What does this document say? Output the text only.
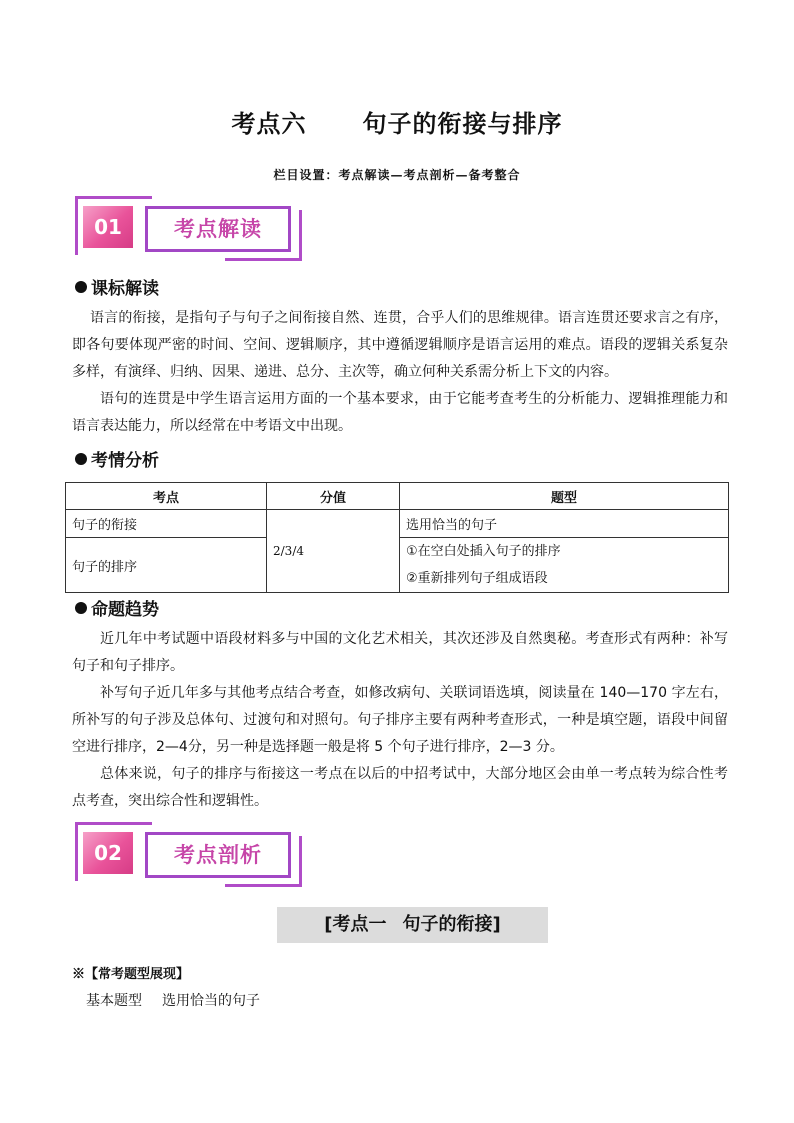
考点六 句子的衔接与排序
栏目设置：考点解读—考点剖析—备考整合
01	考点解读
课标解读

语言的衔接，是指句子与句子之间衔接自然、连贯，合乎人们的思维规律。语言连贯还要求言之有序，即各句要体现严密的时间、空间、逻辑顺序，其中遵循逻辑顺序是语言运用的难点。语段的逻辑关系复杂多样，有演绎、归纳、因果、递进、总分、主次等，确立何种关系需分析上下文的内容。

语句的连贯是中学生语言运用方面的一个基本要求，由于它能考查考生的分析能力、逻辑推理能力和语言表达能力，所以经常在中考语文中出现。

考情分析
考点	分值	题型
句子的衔接	2/3/4	选用恰当的句子
句子的排序		①在空白处插入句子的排序
②重新排列句子组成语段
命题趋势

近几年中考试题中语段材料多与中国的文化艺术相关，其次还涉及自然奥秘。考查形式有两种：补写句子和句子排序。

补写句子近几年多与其他考点结合考查，如修改病句、关联词语选填，阅读量在 140—170 字左右，所补写的句子涉及总体句、过渡句和对照句。句子排序主要有两种考查形式，一种是填空题，语段中间留空进行排序，2—4分，另一种是选择题一般是将 5 个句子进行排序，2—3 分。

总体来说，句子的排序与衔接这一考点在以后的中招考试中，大部分地区会由单一考点转为综合性考点考查，突出综合性和逻辑性。

02	考点剖析
[考点一 句子的衔接]
※【常考题型展现】
基本题型 选用恰当的句子
